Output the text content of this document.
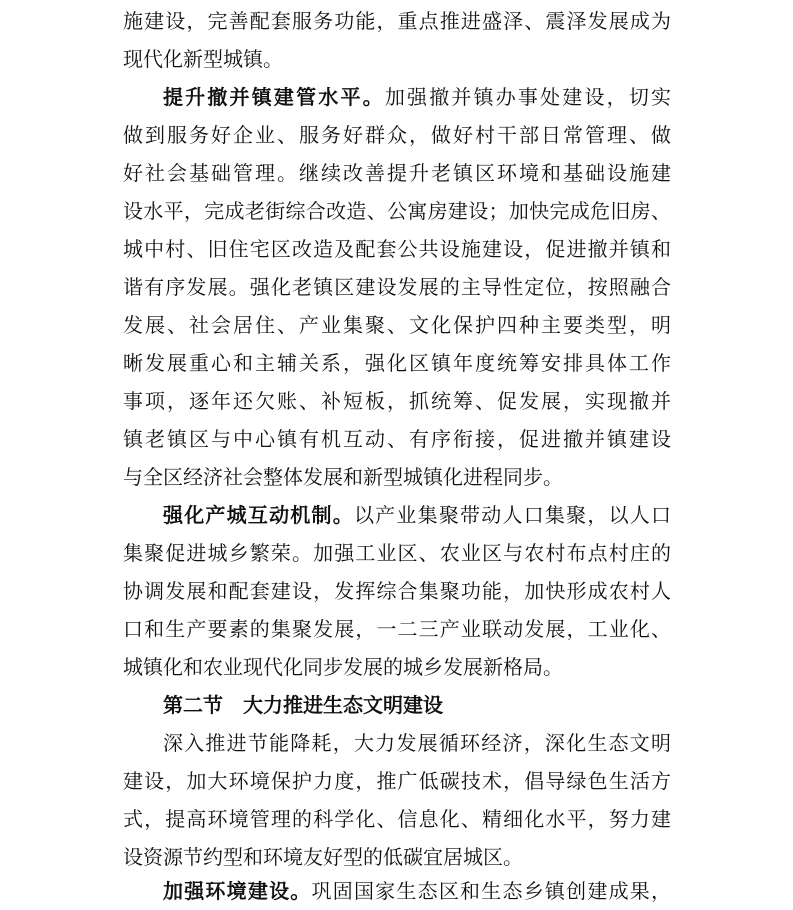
施建设，完善配套服务功能，重点推进盛泽、震泽发展成为
现代化新型城镇。
提升撤并镇建管水平。加强撤并镇办事处建设，切实
做到服务好企业、服务好群众，做好村干部日常管理、做
好社会基础管理。继续改善提升老镇区环境和基础设施建
设水平，完成老街综合改造、公寓房建设；加快完成危旧房、
城中村、旧住宅区改造及配套公共设施建设，促进撤并镇和
谐有序发展。强化老镇区建设发展的主导性定位，按照融合
发展、社会居住、产业集聚、文化保护四种主要类型，明
晰发展重心和主辅关系，强化区镇年度统筹安排具体工作
事项，逐年还欠账、补短板，抓统筹、促发展，实现撤并
镇老镇区与中心镇有机互动、有序衔接，促进撤并镇建设
与全区经济社会整体发展和新型城镇化进程同步。
强化产城互动机制。以产业集聚带动人口集聚，以人口
集聚促进城乡繁荣。加强工业区、农业区与农村布点村庄的
协调发展和配套建设，发挥综合集聚功能，加快形成农村人
口和生产要素的集聚发展，一二三产业联动发展，工业化、
城镇化和农业现代化同步发展的城乡发展新格局。
第二节　大力推进生态文明建设
深入推进节能降耗，大力发展循环经济，深化生态文明
建设，加大环境保护力度，推广低碳技术，倡导绿色生活方
式，提高环境管理的科学化、信息化、精细化水平，努力建
设资源节约型和环境友好型的低碳宜居城区。
加强环境建设。巩固国家生态区和生态乡镇创建成果，
